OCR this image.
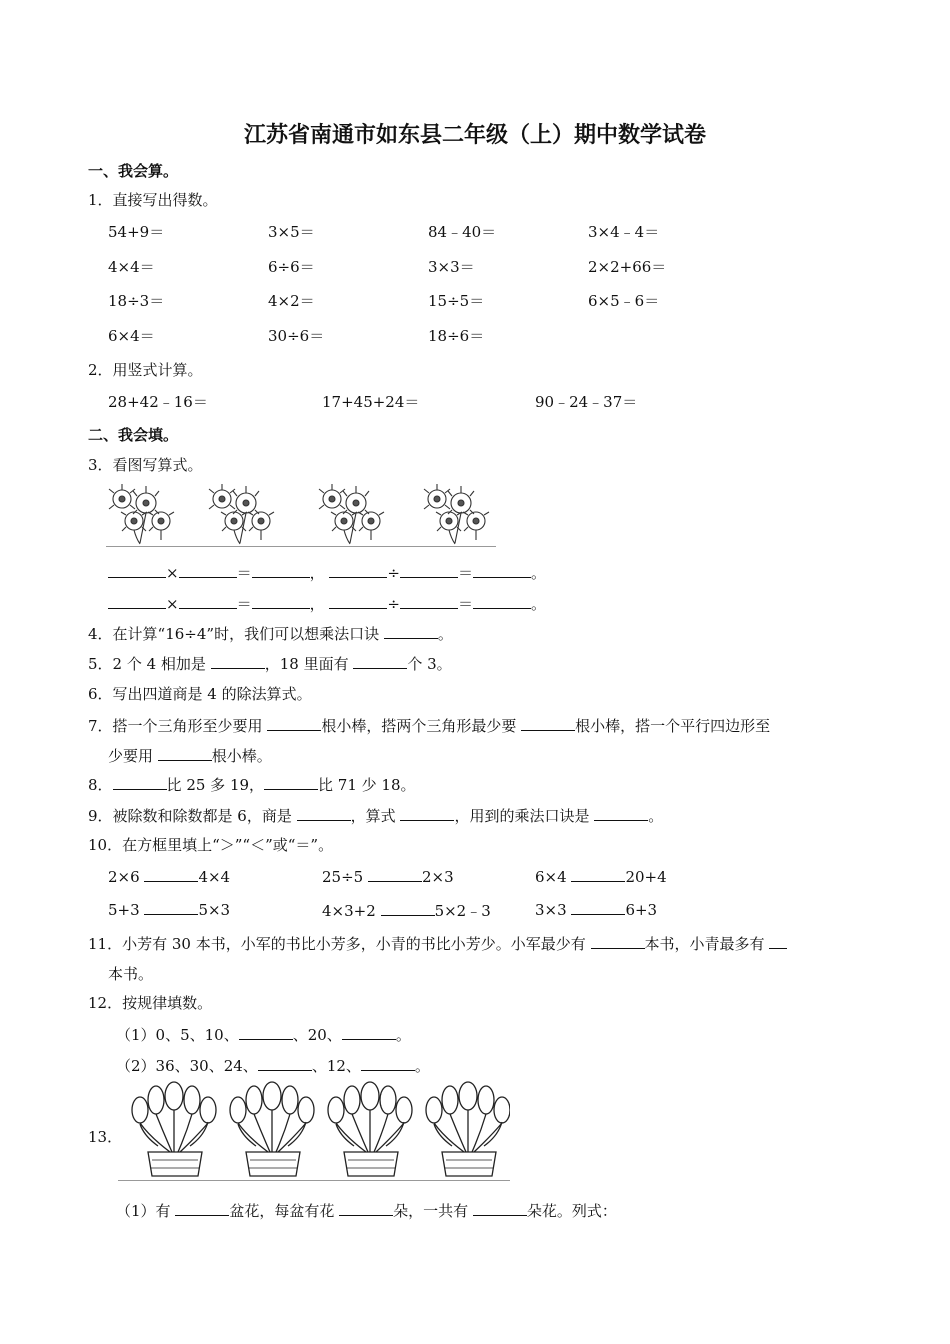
江苏省南通市如东县二年级（上）期中数学试卷
一、我会算。
1．直接写出得数。
54+9＝	3×5＝	84﹣40＝	3×4﹣4＝
4×4＝	6÷6＝	3×3＝	2×2+66＝
18÷3＝	4×2＝	15÷5＝	6×5﹣6＝
6×4＝	30÷6＝	18÷6＝
2．用竖式计算。
28+42﹣16＝	17+45+24＝	90﹣24﹣37＝
二、我会填。
3．看图写算式。
×	＝	，	÷	＝	。
×	＝	，	÷	＝	。
4．在计算“16÷4”时，我们可以想乘法口诀	。
5．2 个 4 相加是	，18 里面有	个 3。
6．写出四道商是 4 的除法算式。
7．搭一个三角形至少要用	根小棒，搭两个三角形最少要	根小棒，搭一个平行四边形至
少要用	根小棒。
8．	比 25 多 19，	比 71 少 18。
9．被除数和除数都是 6，商是	，算式	，用到的乘法口诀是	。
10．在方框里填上“＞”“＜”或“＝”。
2×6	4×4	25÷5	2×3	6×4	20+4
5+3	5×3	4×3+2	5×2﹣3	3×3	6+3
11．小芳有 30 本书，小军的书比小芳多，小青的书比小芳少。小军最少有	本书，小青最多有
本书。
12．按规律填数。
（1）0、5、10、	、20、	。
（2）36、30、24、	、12、	。
13．
（1）有	盆花，每盆有花	朵，一共有	朵花。列式：
